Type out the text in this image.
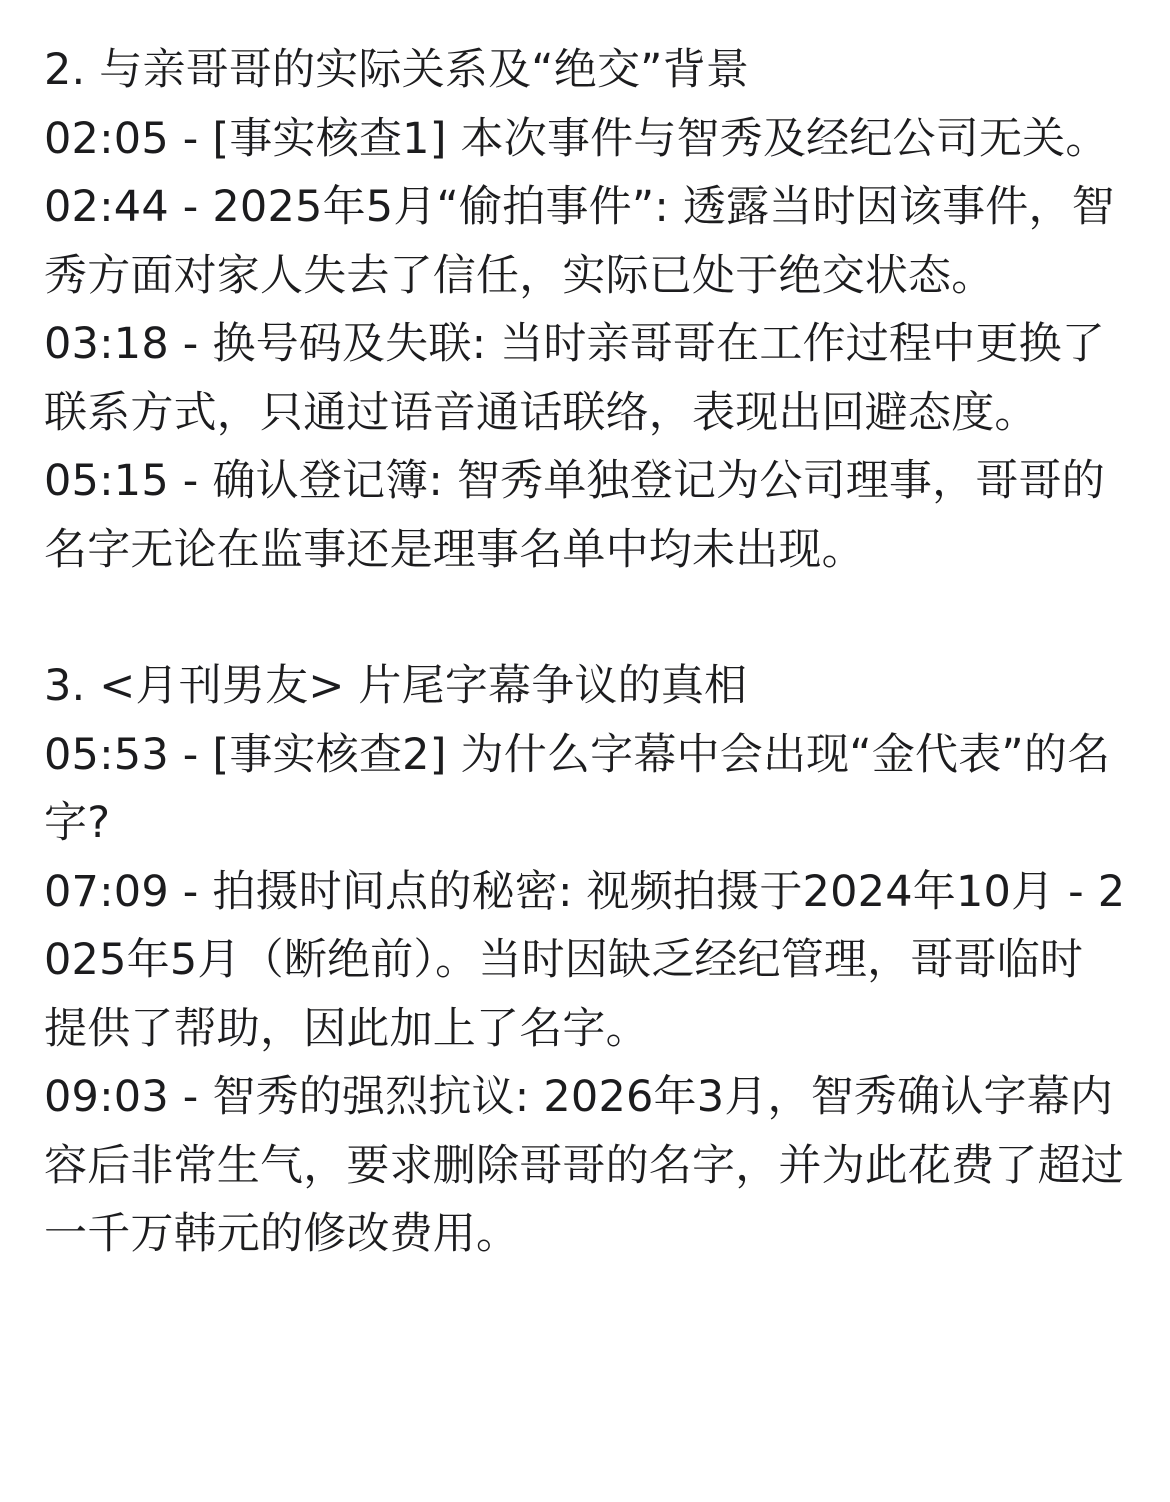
2. 与亲哥哥的实际关系及“绝交”背景

02:05 - [事实核查1] 本次事件与智秀及经纪公司无关。

02:44 - 2025年5月“偷拍事件”: 透露当时因该事件，智秀方面对家人失去了信任，实际已处于绝交状态。

03:18 - 换号码及失联: 当时亲哥哥在工作过程中更换了联系方式，只通过语音通话联络，表现出回避态度。

05:15 - 确认登记簿: 智秀单独登记为公司理事，哥哥的名字无论在监事还是理事名单中均未出现。

3. <月刊男友> 片尾字幕争议的真相

05:53 - [事实核查2] 为什么字幕中会出现“金代表”的名字?

07:09 - 拍摄时间点的秘密: 视频拍摄于2024年10月 - 2025年5月（断绝前）。当时因缺乏经纪管理，哥哥临时提供了帮助，因此加上了名字。

09:03 - 智秀的强烈抗议: 2026年3月，智秀确认字幕内容后非常生气，要求删除哥哥的名字，并为此花费了超过一千万韩元的修改费用。
